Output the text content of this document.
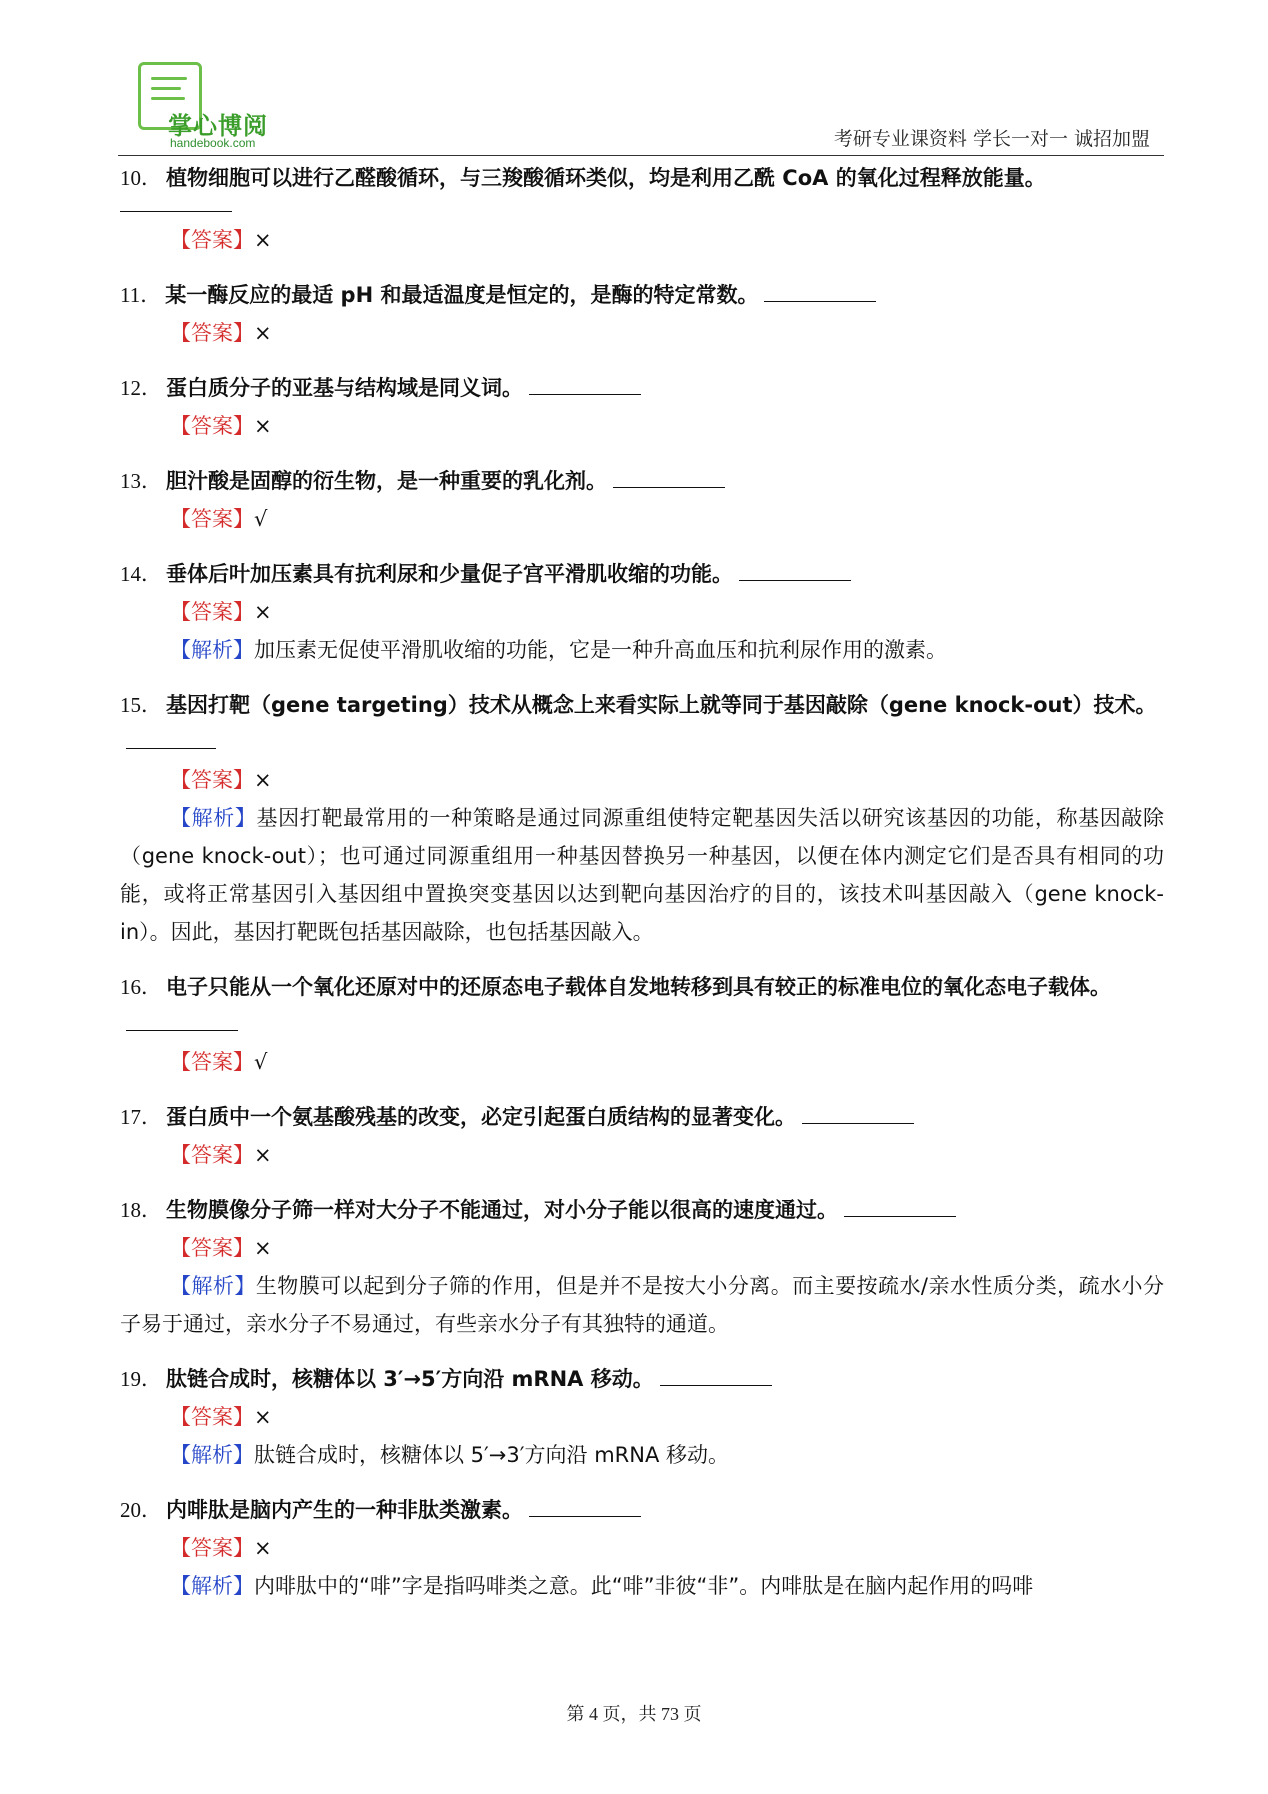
掌心博阅
handebook.com	考研专业课资料 学长一对一 诚招加盟
10． 植物细胞可以进行乙醛酸循环，与三羧酸循环类似，均是利用乙酰 CoA 的氧化过程释放能量。
【答案】×
11． 某一酶反应的最适 pH 和最适温度是恒定的，是酶的特定常数。
【答案】×
12． 蛋白质分子的亚基与结构域是同义词。
【答案】×
13． 胆汁酸是固醇的衍生物，是一种重要的乳化剂。
【答案】√
14． 垂体后叶加压素具有抗利尿和少量促子宫平滑肌收缩的功能。
【答案】×
【解析】加压素无促使平滑肌收缩的功能，它是一种升高血压和抗利尿作用的激素。
15． 基因打靶（gene targeting）技术从概念上来看实际上就等同于基因敲除（gene knock-out）技术。
【答案】×
【解析】基因打靶最常用的一种策略是通过同源重组使特定靶基因失活以研究该基因的功能，称基因敲除（gene knock-out）；也可通过同源重组用一种基因替换另一种基因，以便在体内测定它们是否具有相同的功能，或将正常基因引入基因组中置换突变基因以达到靶向基因治疗的目的，该技术叫基因敲入（gene knock-in）。因此，基因打靶既包括基因敲除，也包括基因敲入。
16． 电子只能从一个氧化还原对中的还原态电子载体自发地转移到具有较正的标准电位的氧化态电子载体。
【答案】√
17． 蛋白质中一个氨基酸残基的改变，必定引起蛋白质结构的显著变化。
【答案】×
18． 生物膜像分子筛一样对大分子不能通过，对小分子能以很高的速度通过。
【答案】×
【解析】生物膜可以起到分子筛的作用，但是并不是按大小分离。而主要按疏水/亲水性质分类，疏水小分子易于通过，亲水分子不易通过，有些亲水分子有其独特的通道。
19． 肽链合成时，核糖体以 3′→5′方向沿 mRNA 移动。
【答案】×
【解析】肽链合成时，核糖体以 5′→3′方向沿 mRNA 移动。
20． 内啡肽是脑内产生的一种非肽类激素。
【答案】×
【解析】内啡肽中的“啡”字是指吗啡类之意。此“啡”非彼“非”。内啡肽是在脑内起作用的吗啡
第 4 页，共 73 页
